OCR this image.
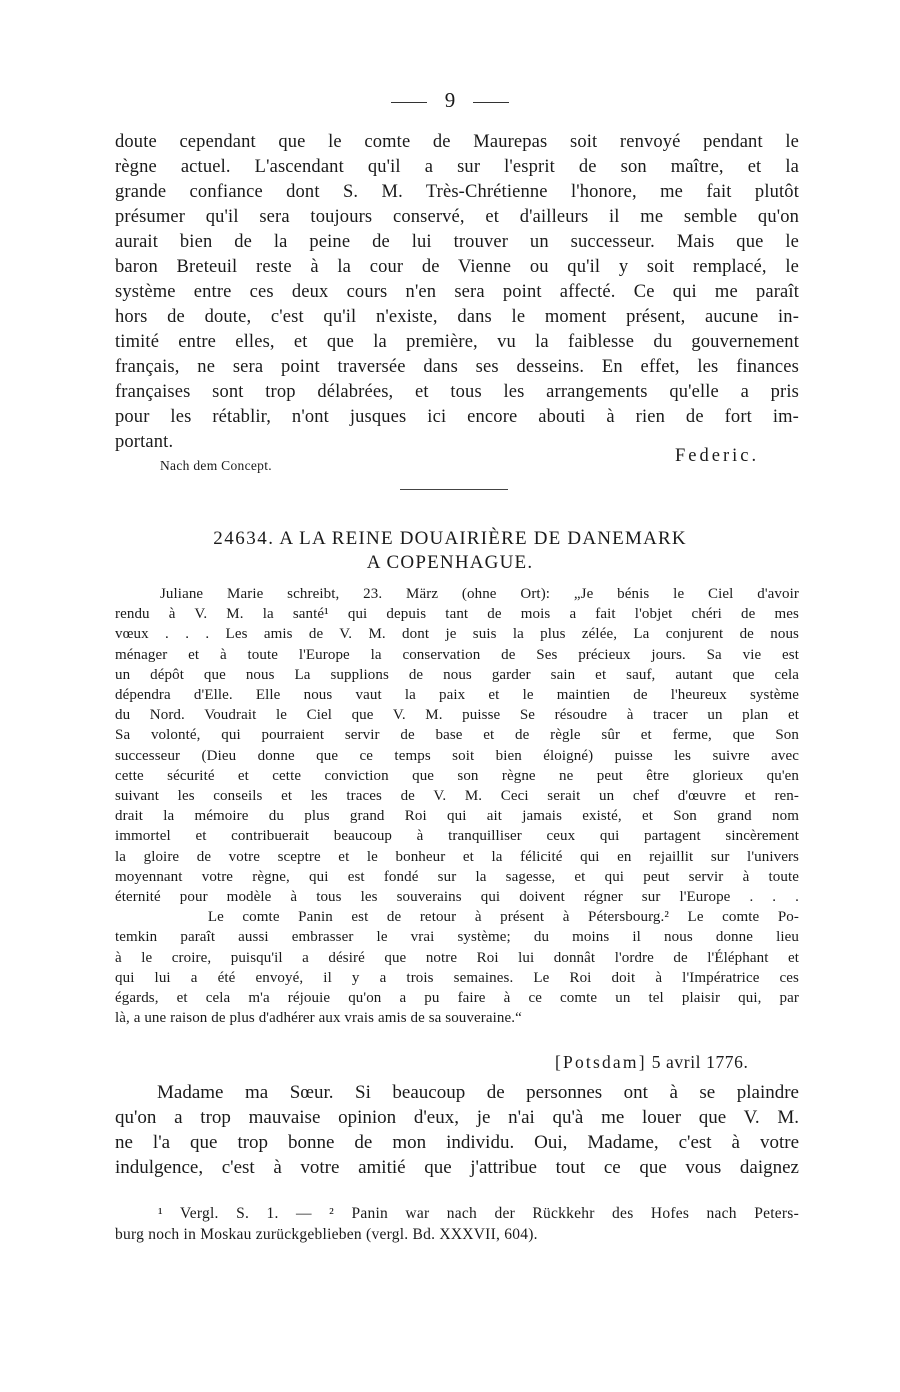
9
doute cependant que le comte de Maurepas soit renvoyé pendant le
règne actuel. L'ascendant qu'il a sur l'esprit de son maître, et la
grande confiance dont S. M. Très-Chrétienne l'honore, me fait plutôt
présumer qu'il sera toujours conservé, et d'ailleurs il me semble qu'on
aurait bien de la peine de lui trouver un successeur. Mais que le
baron Breteuil reste à la cour de Vienne ou qu'il y soit remplacé, le
système entre ces deux cours n'en sera point affecté. Ce qui me paraît
hors de doute, c'est qu'il n'existe, dans le moment présent, aucune in-
timité entre elles, et que la première, vu la faiblesse du gouvernement
français, ne sera point traversée dans ses desseins. En effet, les finances
françaises sont trop délabrées, et tous les arrangements qu'elle a pris
pour les rétablir, n'ont jusques ici encore abouti à rien de fort im-
portant.
Nach dem Concept.	Federic.
24634. A LA REINE DOUAIRIÈRE DE DANEMARK
A COPENHAGUE.
Juliane Marie schreibt, 23. März (ohne Ort): „Je bénis le Ciel d'avoir
rendu à V. M. la santé¹ qui depuis tant de mois a fait l'objet chéri de mes
vœux . . . Les amis de V. M. dont je suis la plus zélée, La conjurent de nous
ménager et à toute l'Europe la conservation de Ses précieux jours. Sa vie est
un dépôt que nous La supplions de nous garder sain et sauf, autant que cela
dépendra d'Elle. Elle nous vaut la paix et le maintien de l'heureux système
du Nord. Voudrait le Ciel que V. M. puisse Se résoudre à tracer un plan et
Sa volonté, qui pourraient servir de base et de règle sûr et ferme, que Son
successeur (Dieu donne que ce temps soit bien éloigné) puisse les suivre avec
cette sécurité et cette conviction que son règne ne peut être glorieux qu'en
suivant les conseils et les traces de V. M. Ceci serait un chef d'œuvre et ren-
drait la mémoire du plus grand Roi qui ait jamais existé, et Son grand nom
immortel et contribuerait beaucoup à tranquilliser ceux qui partagent sincèrement
la gloire de votre sceptre et le bonheur et la félicité qui en rejaillit sur l'univers
moyennant votre règne, qui est fondé sur la sagesse, et qui peut servir à toute
éternité pour modèle à tous les souverains qui doivent régner sur l'Europe . . .
Le comte Panin est de retour à présent à Pétersbourg.² Le comte Po-
temkin paraît aussi embrasser le vrai système; du moins il nous donne lieu
à le croire, puisqu'il a désiré que notre Roi lui donnât l'ordre de l'Éléphant et
qui lui a été envoyé, il y a trois semaines. Le Roi doit à l'Impératrice ces
égards, et cela m'a réjouie qu'on a pu faire à ce comte un tel plaisir qui, par
là, a une raison de plus d'adhérer aux vrais amis de sa souveraine.“
[Potsdam] 5 avril 1776.
Madame ma Sœur. Si beaucoup de personnes ont à se plaindre
qu'on a trop mauvaise opinion d'eux, je n'ai qu'à me louer que V. M.
ne l'a que trop bonne de mon individu. Oui, Madame, c'est à votre
indulgence, c'est à votre amitié que j'attribue tout ce que vous daignez
¹ Vergl. S. 1. — ² Panin war nach der Rückkehr des Hofes nach Peters-
burg noch in Moskau zurückgeblieben (vergl. Bd. XXXVII, 604).
